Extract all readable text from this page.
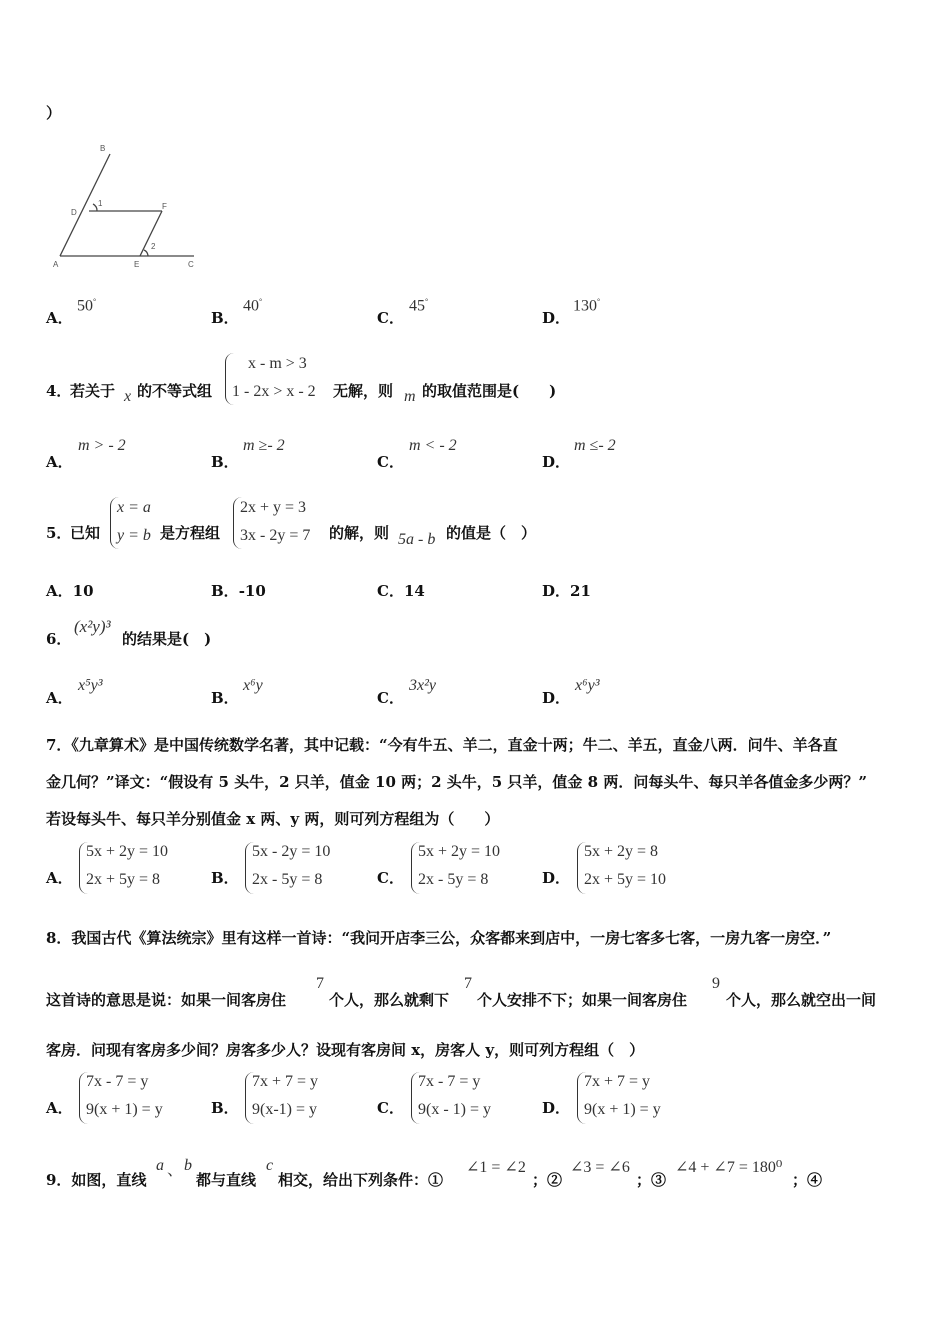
）
B
D
1	F
2
A	E	C
A．
50°
B．
40°
C．
45°
D．
130°
4．
若关于 x 的不等式组
x - m > 3
1 - 2x > x - 2 无解，则 m 的取值范围是(　　)
A．
m > - 2
B．
m ≥- 2
C．
m < - 2
D．
m ≤- 2
5．
已知
x = a
y = b 是方程组
2x + y = 3
3x - 2y = 7 的解，则 5a - b 的值是（　）
A．10	B．-10	C．14	D．21
6．
(x²y)³
的结果是(　)
A．
x⁵y³
B．
x⁶y
C．
3x²y
D．
x⁶y³
7．《九章算术》是中国传统数学名著，其中记载：“今有牛五、羊二，直金十两；牛二、羊五，直金八两．问牛、羊各直
金几何？”译文：“假设有 5 头牛，2 只羊，值金 10 两；2 头牛，5 只羊，值金 8 两．问每头牛、每只羊各值金多少两？”
若设每头牛、每只羊分别值金 x 两、y 两，则可列方程组为（　　）
A．
5x + 2y = 10
2x + 5y = 8	B．
5x - 2y = 10
2x - 5y = 8	C．
5x + 2y = 10
2x - 5y = 8	D．
5x + 2y = 8
2x + 5y = 10
8．我国古代《算法统宗》里有这样一首诗：“我问开店李三公，众客都来到店中，一房七客多七客，一房九客一房空．”
这首诗的意思是说：如果一间客房住
7
个人，那么就剩下
7
个人安排不下；如果一间客房住
9
个人，那么就空出一间
客房．问现有客房多少间？房客多少人？设现有客房间 x，房客人 y，则可列方程组（　）
A．
7x - 7 = y
9(x + 1) = y	B．
7x + 7 = y
9(x-1) = y	C．
7x - 7 = y
9(x - 1) = y	D．
7x + 7 = y
9(x + 1) = y
9．如图，直线
a 、 b
都与直线
c
相交，给出下列条件：①
∠1 = ∠2
；②
∠3 = ∠6
；③
∠4 + ∠7 = 180⁰
；④
